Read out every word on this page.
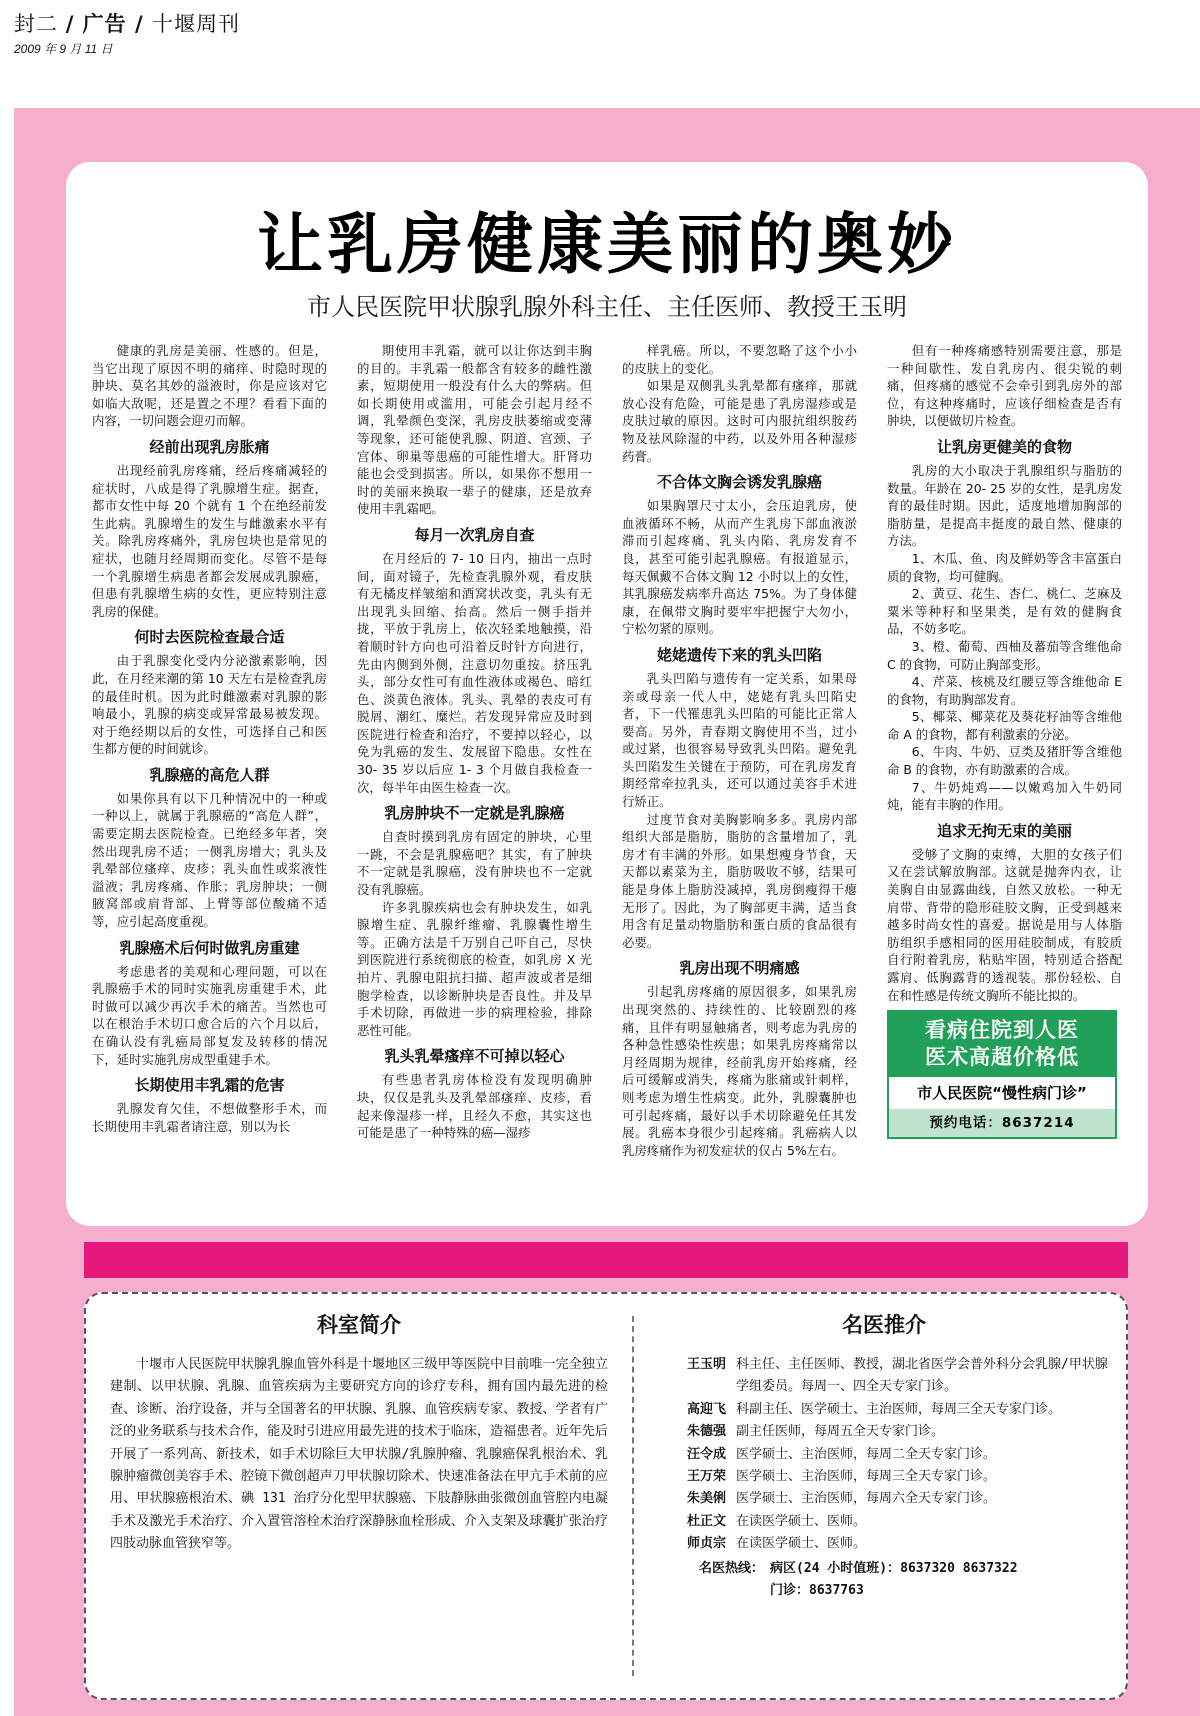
封二 / 广告 / 十堰周刊
2009 年 9 月 11 日
让乳房健康美丽的奥妙
市人民医院甲状腺乳腺外科主任、主任医师、教授王玉明

健康的乳房是美丽、性感的。但是，当它出现了原因不明的痛痒、时隐时现的肿块、莫名其妙的溢液时，你是应该对它如临大敌呢，还是置之不理？看看下面的内容，一切问题会迎刃而解。

经前出现乳房胀痛

出现经前乳房疼痛，经后疼痛减轻的症状时，八成是得了乳腺增生症。据查，都市女性中每 20 个就有 1 个在绝经前发生此病。乳腺增生的发生与雌激素水平有关。除乳房疼痛外，乳房包块也是常见的症状，也随月经周期而变化。尽管不是每一个乳腺增生病患者都会发展成乳腺癌，但患有乳腺增生病的女性，更应特别注意乳房的保健。

何时去医院检查最合适

由于乳腺变化受内分泌激素影响，因此，在月经来潮的第 10 天左右是检查乳房的最佳时机。因为此时雌激素对乳腺的影响最小，乳腺的病变或异常最易被发现。对于绝经期以后的女性，可选择自己和医生都方便的时间就诊。

乳腺癌的高危人群

如果你具有以下几种情况中的一种或一种以上，就属于乳腺癌的“高危人群”，需要定期去医院检查。已绝经多年者，突然出现乳房不适；一侧乳房增大；乳头及乳晕部位瘙痒、皮疹；乳头血性或浆液性溢液；乳房疼痛、作胀；乳房肿块；一侧腋窝部或肩背部、上臂等部位酸痛不适等，应引起高度重视。

乳腺癌术后何时做乳房重建

考虑患者的美观和心理问题，可以在乳腺癌手术的同时实施乳房重建手术，此时做可以减少再次手术的痛苦。当然也可以在根治手术切口愈合后的六个月以后，在确认没有乳癌局部复发及转移的情况下，延时实施乳房成型重建手术。

长期使用丰乳霜的危害

乳腺发育欠佳，不想做整形手术，而长期使用丰乳霜者请注意，别以为长

期使用丰乳霜，就可以让你达到丰胸的目的。丰乳霜一般都含有较多的雌性激素，短期使用一般没有什么大的弊病。但如长期使用或滥用，可能会引起月经不调，乳晕颜色变深，乳房皮肤萎缩或变薄等现象，还可能使乳腺、阴道、宫颈、子宫体、卵巢等患癌的可能性增大。肝肾功能也会受到损害。所以，如果你不想用一时的美丽来换取一辈子的健康，还是放弃使用丰乳霜吧。

每月一次乳房自查

在月经后的 7- 10 日内，抽出一点时间，面对镜子，先检查乳腺外观，看皮肤有无橘皮样皱缩和酒窝状改变，乳头有无出现乳头回缩、抬高。然后一侧手指并拢，平放于乳房上，依次轻柔地触摸，沿着顺时针方向也可沿着反时针方向进行，先由内侧到外侧，注意切勿重按。挤压乳头，部分女性可有血性液体或褐色、暗红色、淡黄色液体。乳头、乳晕的表皮可有脱屑、潮红、糜烂。若发现异常应及时到医院进行检查和治疗，不要掉以轻心，以免为乳癌的发生、发展留下隐患。女性在 30- 35 岁以后应 1- 3 个月做自我检查一次，每半年由医生检查一次。

乳房肿块不一定就是乳腺癌

自查时摸到乳房有固定的肿块，心里一跳，不会是乳腺癌吧？其实，有了肿块不一定就是乳腺癌，没有肿块也不一定就没有乳腺癌。

许多乳腺疾病也会有肿块发生，如乳腺增生症、乳腺纤维瘤、乳腺囊性增生等。正确方法是千万别自己吓自己，尽快到医院进行系统彻底的检查，如乳房 X 光拍片、乳腺电阻抗扫描、超声波或者是细胞学检查，以诊断肿块是否良性。并及早手术切除，再做进一步的病理检验，排除恶性可能。

乳头乳晕瘙痒不可掉以轻心

有些患者乳房体检没有发现明确肿块，仅仅是乳头及乳晕部瘙痒、皮疹，看起来像湿疹一样，且经久不愈，其实这也可能是患了一种特殊的癌—湿疹

样乳癌。所以，不要忽略了这个小小的皮肤上的变化。

如果是双侧乳头乳晕都有瘙痒，那就放心没有危险，可能是患了乳房湿疹或是皮肤过敏的原因。这时可内服抗组织胺药物及祛风除湿的中药，以及外用各种湿疹药膏。

不合体文胸会诱发乳腺癌

如果胸罩尺寸太小，会压迫乳房，使血液循环不畅，从而产生乳房下部血液淤滞而引起疼痛、乳头内陷、乳房发育不良，甚至可能引起乳腺癌。有报道显示，每天佩戴不合体文胸 12 小时以上的女性，其乳腺癌发病率升高达 75%。为了身体健康，在佩带文胸时要牢牢把握宁大勿小，宁松勿紧的原则。

姥姥遗传下来的乳头凹陷

乳头凹陷与遗传有一定关系，如果母亲或母亲一代人中，姥姥有乳头凹陷史者，下一代罹患乳头凹陷的可能比正常人要高。另外，青春期文胸使用不当，过小或过紧，也很容易导致乳头凹陷。避免乳头凹陷发生关键在于预防，可在乳房发育期经常牵拉乳头，还可以通过美容手术进行矫正。

过度节食对美胸影响多多。乳房内部组织大部是脂肪，脂肪的含量增加了，乳房才有丰满的外形。如果想瘦身节食，天天都以素菜为主，脂肪吸收不够，结果可能是身体上脂肪没减掉，乳房倒瘦得干瘪无形了。因此，为了胸部更丰满，适当食用含有足量动物脂肪和蛋白质的食品很有必要。

乳房出现不明痛感

引起乳房疼痛的原因很多，如果乳房出现突然的、持续性的、比较剧烈的疼痛，且伴有明显触痛者，则考虑为乳房的各种急性感染性疾患；如果乳房疼痛常以月经周期为规律，经前乳房开始疼痛，经后可缓解或消失，疼痛为胀痛或针刺样，则考虑为增生性病变。此外，乳腺囊肿也可引起疼痛，最好以手术切除避免任其发展。乳癌本身很少引起疼痛。乳癌病人以乳房疼痛作为初发症状的仅占 5%左右。

但有一种疼痛感特别需要注意，那是一种间歇性、发自乳房内、很尖锐的刺痛，但疼痛的感觉不会牵引到乳房外的部位，有这种疼痛时，应该仔细检查是否有肿块，以便做切片检查。

让乳房更健美的食物

乳房的大小取决于乳腺组织与脂肪的数量。年龄在 20- 25 岁的女性，是乳房发育的最佳时期。因此，适度地增加胸部的脂肪量，是提高丰挺度的最自然、健康的方法。

1、木瓜、鱼、肉及鲜奶等含丰富蛋白质的食物，均可健胸。

2、黄豆、花生、杏仁、桃仁、芝麻及粟米等种籽和坚果类，是有效的健胸食品，不妨多吃。

3、橙、葡萄、西柚及蕃茄等含维他命 C 的食物，可防止胸部变形。

4、芹菜、核桃及红腰豆等含维他命 E 的食物，有助胸部发育。

5、椰菜、椰菜花及葵花籽油等含维他命 A 的食物，都有利激素的分泌。

6、牛肉、牛奶、豆类及猪肝等含维他命 B 的食物，亦有助激素的合成。

7、牛奶炖鸡——以嫩鸡加入牛奶同炖，能有丰胸的作用。

追求无拘无束的美丽

受够了文胸的束缚，大胆的女孩子们又在尝试解放胸部。这就是抛奔内衣，让美胸自由显露曲线，自然又放松。一种无肩带、背带的隐形硅胶文胸，正受到越来越多时尚女性的喜爱。据说是用与人体脂肪组织手感相同的医用硅胶制成，有胶质自行附着乳房，粘贴牢固，特别适合搭配露肩、低胸露背的透视装。那份轻松、自在和性感是传统文胸所不能比拟的。

看病住院到人医
医术高超价格低
市人民医院“慢性病门诊”
预约电话：8637214
科室简介

十堰市人民医院甲状腺乳腺血管外科是十堰地区三级甲等医院中目前唯一完全独立建制、以甲状腺、乳腺、血管疾病为主要研究方向的诊疗专科，拥有国内最先进的检查、诊断、治疗设备，并与全国著名的甲状腺、乳腺、血管疾病专家、教授、学者有广泛的业务联系与技术合作，能及时引进应用最先进的技术于临床，造福患者。近年先后开展了一系列高、新技术，如手术切除巨大甲状腺/乳腺肿瘤、乳腺癌保乳根治术、乳腺肿瘤微创美容手术、腔镜下微创超声刀甲状腺切除术、快速准备法在甲亢手术前的应用、甲状腺癌根治术、碘 131 治疗分化型甲状腺癌、下肢静脉曲张微创血管腔内电凝手术及激光手术治疗、介入置管溶栓术治疗深静脉血栓形成、介入支架及球囊扩张治疗四肢动脉血管狭窄等。

名医推介
王玉明 科主任、主任医师、教授，湖北省医学会普外科分会乳腺/甲状腺学组委员。每周一、四全天专家门诊。
高迎飞 科副主任、医学硕士、主治医师，每周三全天专家门诊。
朱德强 副主任医师，每周五全天专家门诊。
汪令成 医学硕士、主治医师，每周二全天专家门诊。
王万荣 医学硕士、主治医师，每周三全天专家门诊。
朱美俐 医学硕士、主治医师，每周六全天专家门诊。
杜正文 在读医学硕士、医师。
师贞宗 在读医学硕士、医师。
名医热线： 病区(24 小时值班)：8637320 8637322
门诊：8637763
